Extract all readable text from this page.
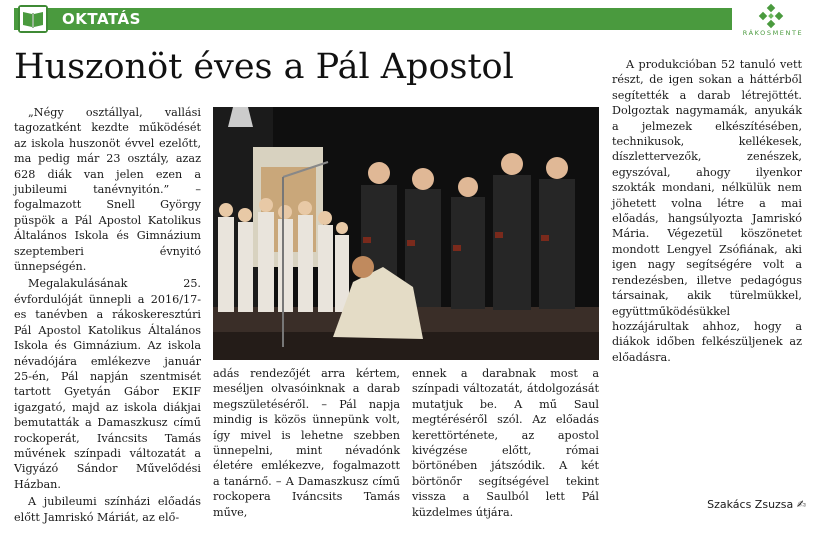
OKTATÁS
RÁKOSMENTE
Huszonöt éves a Pál Apostol

„Négy osztállyal, vallási tagozatként kezdte működését az iskola huszonöt évvel ezelőtt, ma pedig már 23 osztály, azaz 628 diák van jelen ezen a jubileumi tanévnyitón.” – fogalmazott Snell György püspök a Pál Apostol Katolikus Általános Iskola és Gimnázium szeptemberi évnyitó ünnepségén.

Megalakulásának 25. évfordulóját ünnepli a 2016/17-es tanévben a rákoskeresztúri Pál Apostol Katolikus Általános Iskola és Gimnázium. Az iskola névadójára emlékezve január 25-én, Pál napján szentmisét tartott Gyetyán Gábor EKIF igazgató, majd az iskola diákjai bemutatták a Damaszkusz című rockoperát, Iváncsits Tamás művének színpadi változatát a Vigyázó Sándor Művelődési Házban.

A jubileumi színházi előadás előtt Jamriskó Máriát, az elő-

adás rendezőjét arra kértem, meséljen olvasóinknak a darab megszületéséről. – Pál napja mindig is közös ünnepünk volt, így mivel is lehetne szebben ünnepelni, mint névadónk életére emlékezve, fogalmazott a tanárnő. – A Damaszkusz című rockopera Iváncsits Tamás műve,

ennek a darabnak most a színpadi változatát, átdolgozását mutatjuk be. A mű Saul megtéréséről szól. Az előadás kerettörténete, az apostol kivégzése előtt, római börtönében játszódik. A két börtönőr segítségével tekint vissza a Saulból lett Pál küzdelmes útjára.

A produkcióban 52 tanuló vett részt, de igen sokan a háttérből segítették a darab létrejöttét. Dolgoztak nagymamák, anyukák a jelmezek elkészítésében, technikusok, kellékesek, díszlettervezők, zenészek, egyszóval, ahogy ilyenkor szokták mondani, nélkülük nem jöhetett volna létre a mai előadás, hangsúlyozta Jamriskó Mária. Végezetül köszönetet mondott Lengyel Zsófiának, aki igen nagy segítségére volt a rendezésben, illetve pedagógus társainak, akik türelmükkel, együttműködésükkel hozzájárultak ahhoz, hogy a diákok időben felkészüljenek az előadásra.

Szakács Zsuzsa ✍
